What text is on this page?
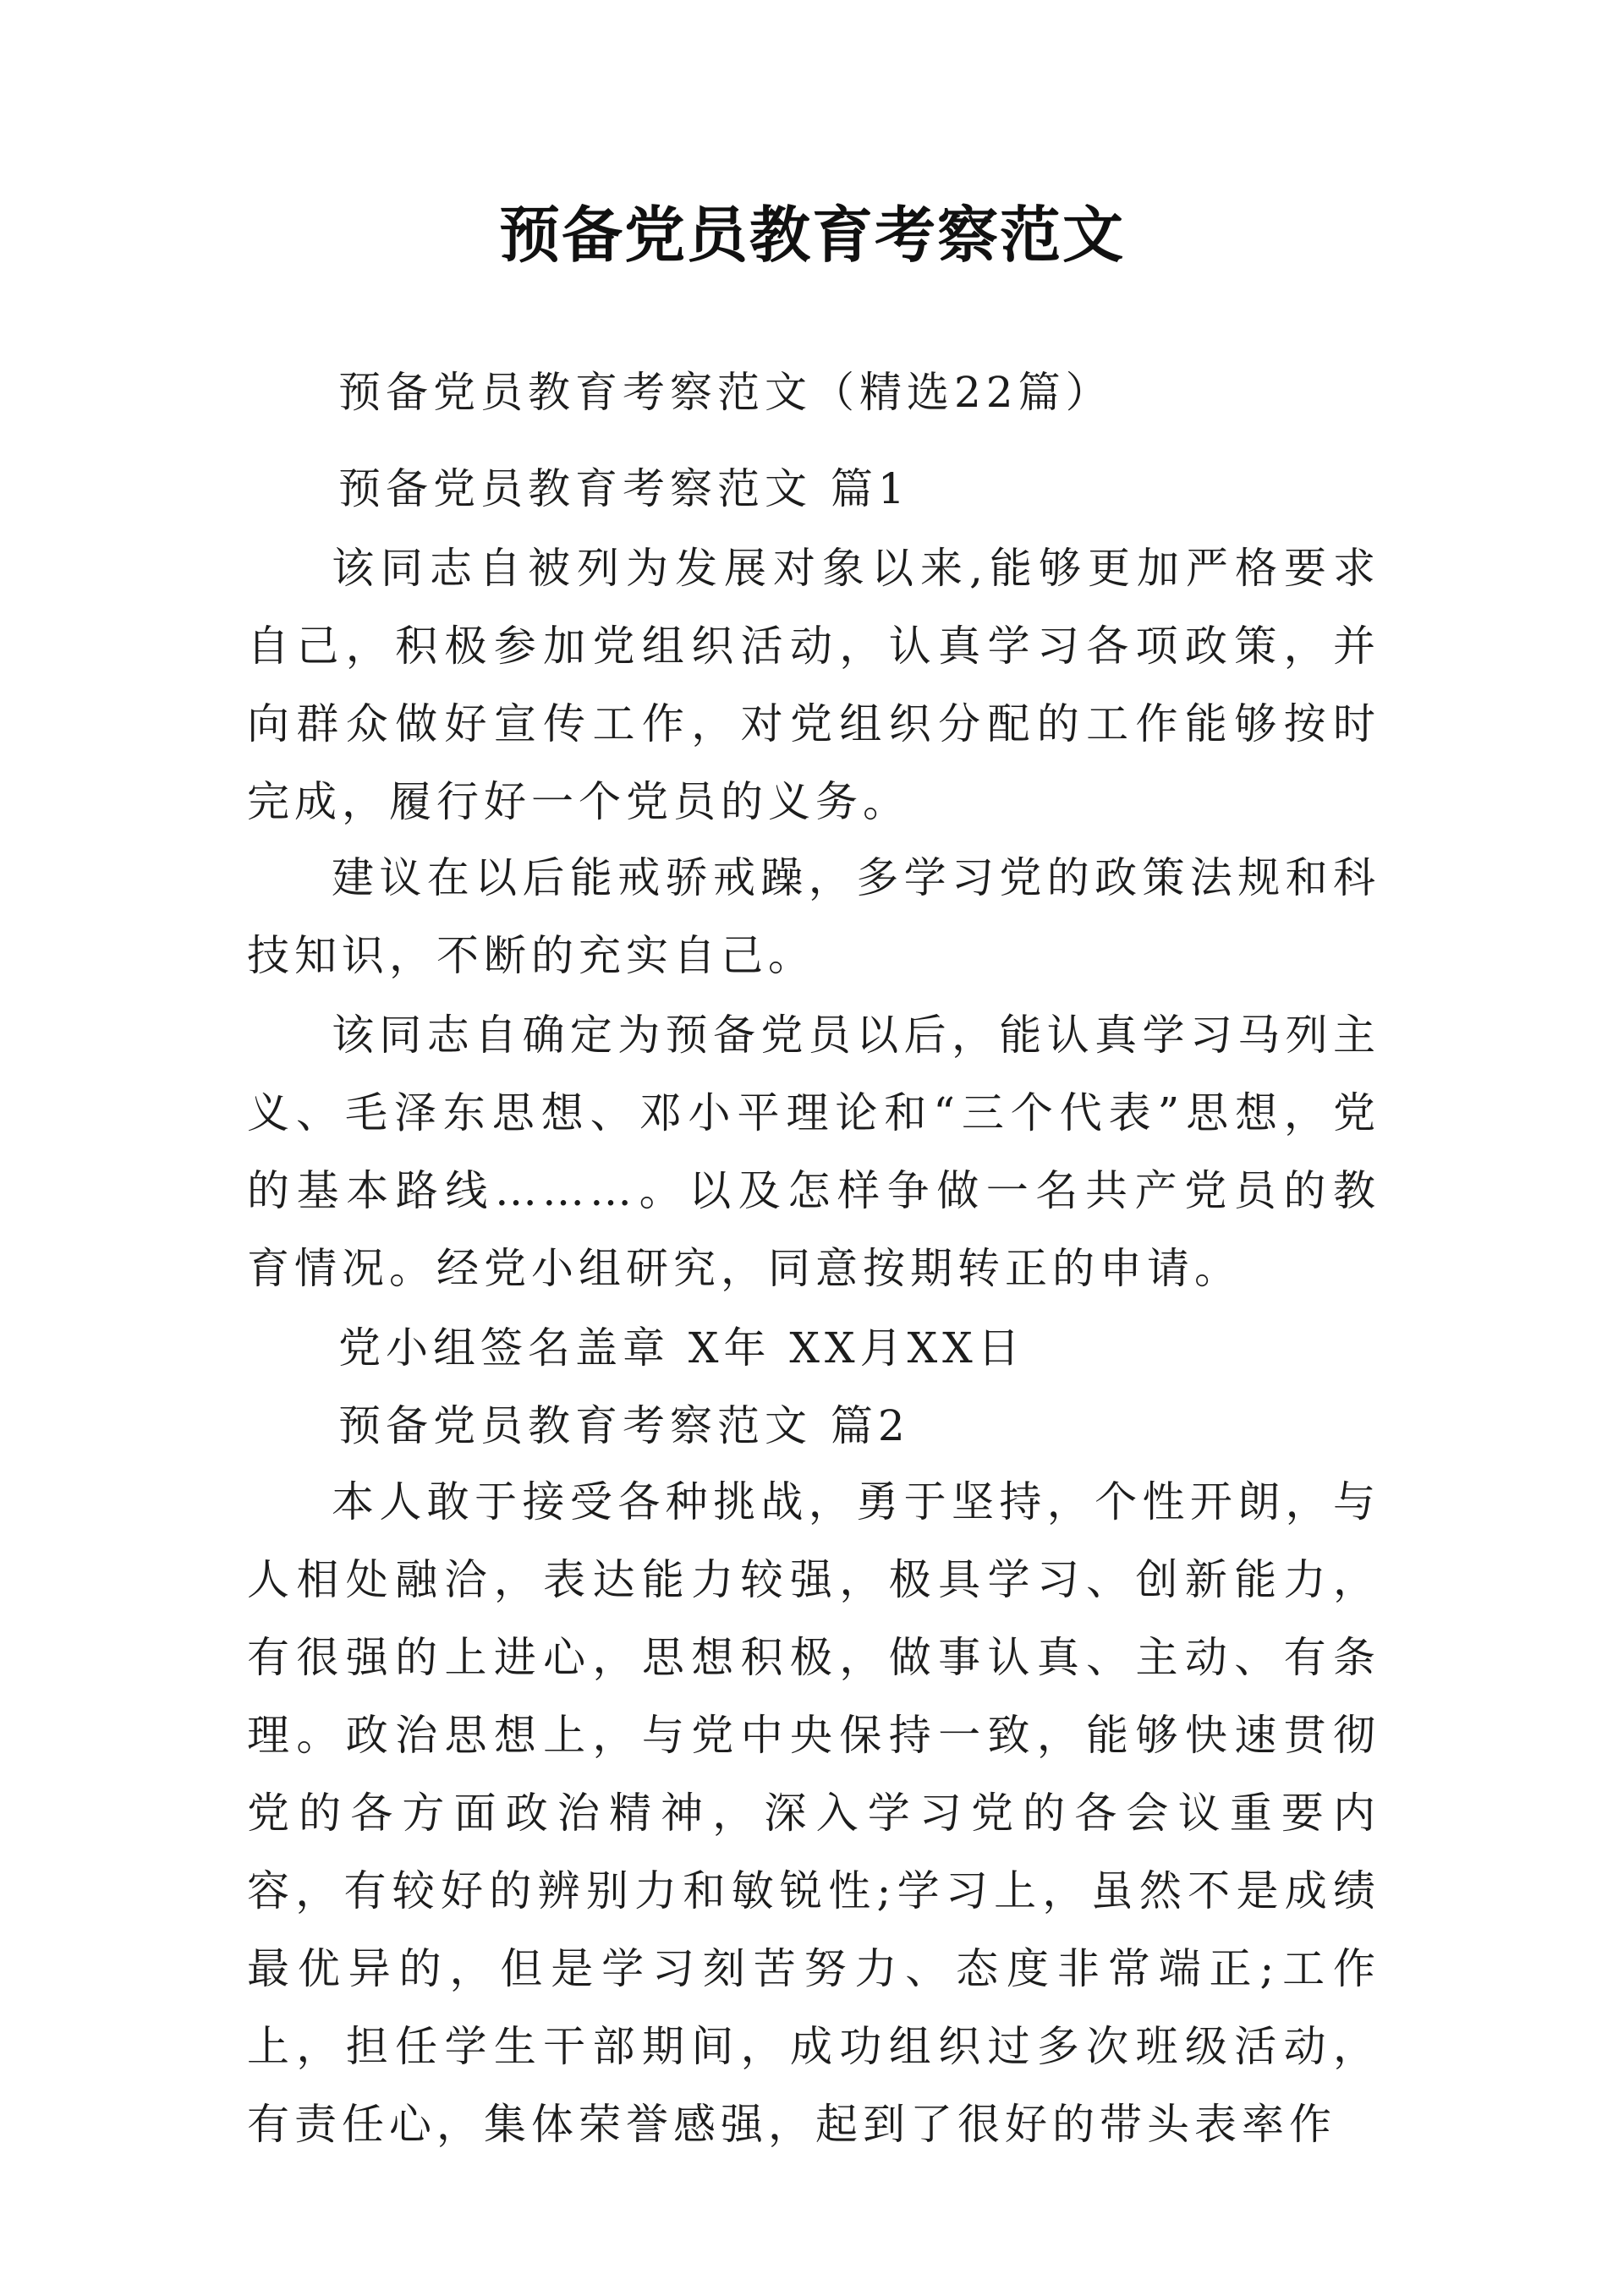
预备党员教育考察范文
预备党员教育考察范文（精选22篇）
预备党员教育考察范文 篇1

该同志自被列为发展对象以来,能够更加严格要求自己，积极参加党组织活动，认真学习各项政策，并向群众做好宣传工作，对党组织分配的工作能够按时完成，履行好一个党员的义务。

建议在以后能戒骄戒躁，多学习党的政策法规和科技知识，不断的充实自己。

该同志自确定为预备党员以后，能认真学习马列主义、毛泽东思想、邓小平理论和“三个代表”思想，党的基本路线………。以及怎样争做一名共产党员的教育情况。经党小组研究，同意按期转正的申请。

党小组签名盖章 X年 XX月XX日
预备党员教育考察范文 篇2

本人敢于接受各种挑战，勇于坚持，个性开朗，与人相处融洽，表达能力较强，极具学习、创新能力，有很强的上进心，思想积极，做事认真、主动、有条理。政治思想上，与党中央保持一致，能够快速贯彻党的各方面政治精神，深入学习党的各会议重要内容，有较好的辨别力和敏锐性;学习上，虽然不是成绩最优异的，但是学习刻苦努力、态度非常端正;工作上，担任学生干部期间，成功组织过多次班级活动，有责任心，集体荣誉感强，起到了很好的带头表率作
